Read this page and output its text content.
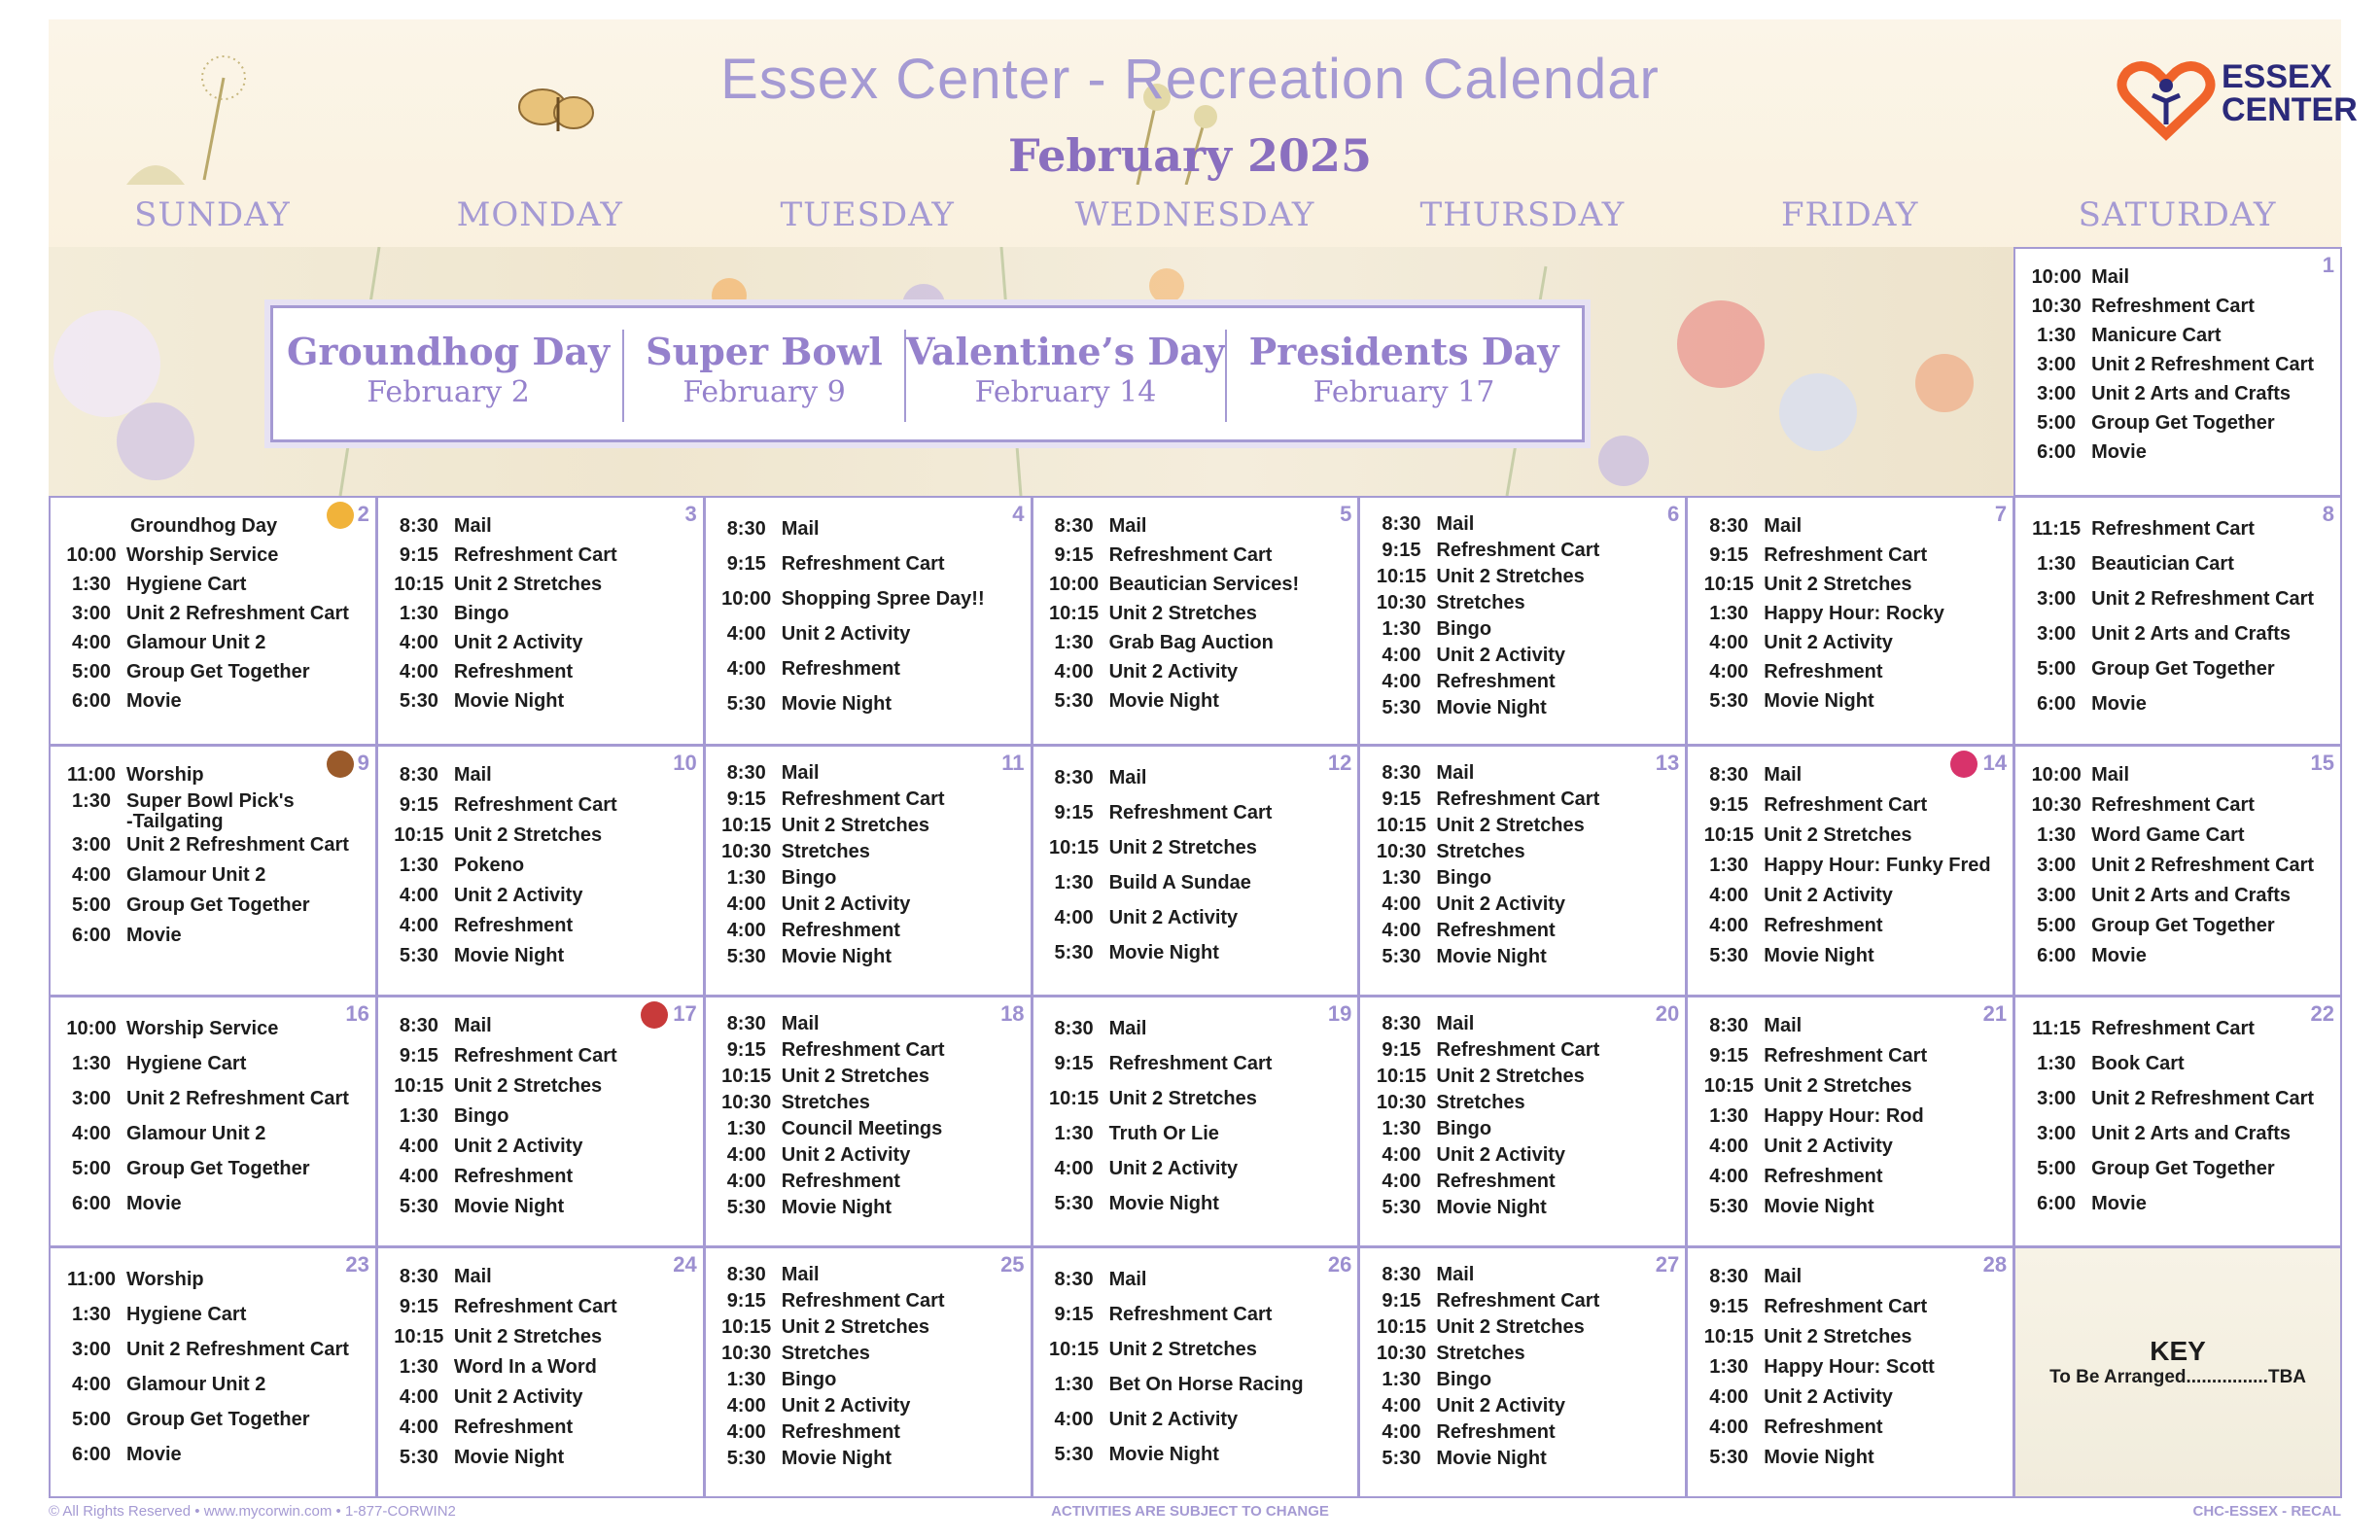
Essex Center - Recreation Calendar
February 2025
ESSEX
CENTER
SUNDAY	MONDAY	TUESDAY	WEDNESDAY	THURSDAY	FRIDAY	SATURDAY
Groundhog Day
February 2
Super Bowl
February 9
Valentine’s Day
February 14
Presidents Day
February 17
1
10:00 Mail
10:30 Refreshment Cart
1:30 Manicure Cart
3:00 Unit 2 Refreshment Cart
3:00 Unit 2 Arts and Crafts
5:00 Group Get Together
6:00 Movie
2
Groundhog Day
10:00 Worship Service
1:30 Hygiene Cart
3:00 Unit 2 Refreshment Cart
4:00 Glamour Unit 2
5:00 Group Get Together
6:00 Movie
3
8:30 Mail
9:15 Refreshment Cart
10:15 Unit 2 Stretches
1:30 Bingo
4:00 Unit 2 Activity
4:00 Refreshment
5:30 Movie Night
4
8:30 Mail
9:15 Refreshment Cart
10:00 Shopping Spree Day!!
4:00 Unit 2 Activity
4:00 Refreshment
5:30 Movie Night
5
8:30 Mail
9:15 Refreshment Cart
10:00 Beautician Services!
10:15 Unit 2 Stretches
1:30 Grab Bag Auction
4:00 Unit 2 Activity
5:30 Movie Night
6
8:30 Mail
9:15 Refreshment Cart
10:15 Unit 2 Stretches
10:30 Stretches
1:30 Bingo
4:00 Unit 2 Activity
4:00 Refreshment
5:30 Movie Night
7
8:30 Mail
9:15 Refreshment Cart
10:15 Unit 2 Stretches
1:30 Happy Hour: Rocky
4:00 Unit 2 Activity
4:00 Refreshment
5:30 Movie Night
8
11:15 Refreshment Cart
1:30 Beautician Cart
3:00 Unit 2 Refreshment Cart
3:00 Unit 2 Arts and Crafts
5:00 Group Get Together
6:00 Movie
9
11:00 Worship
1:30 Super Bowl Pick's
-Tailgating
3:00 Unit 2 Refreshment Cart
4:00 Glamour Unit 2
5:00 Group Get Together
6:00 Movie
10
8:30 Mail
9:15 Refreshment Cart
10:15 Unit 2 Stretches
1:30 Pokeno
4:00 Unit 2 Activity
4:00 Refreshment
5:30 Movie Night
11
8:30 Mail
9:15 Refreshment Cart
10:15 Unit 2 Stretches
10:30 Stretches
1:30 Bingo
4:00 Unit 2 Activity
4:00 Refreshment
5:30 Movie Night
12
8:30 Mail
9:15 Refreshment Cart
10:15 Unit 2 Stretches
1:30 Build A Sundae
4:00 Unit 2 Activity
5:30 Movie Night
13
8:30 Mail
9:15 Refreshment Cart
10:15 Unit 2 Stretches
10:30 Stretches
1:30 Bingo
4:00 Unit 2 Activity
4:00 Refreshment
5:30 Movie Night
14
8:30 Mail
9:15 Refreshment Cart
10:15 Unit 2 Stretches
1:30 Happy Hour: Funky Fred
4:00 Unit 2 Activity
4:00 Refreshment
5:30 Movie Night
15
10:00 Mail
10:30 Refreshment Cart
1:30 Word Game Cart
3:00 Unit 2 Refreshment Cart
3:00 Unit 2 Arts and Crafts
5:00 Group Get Together
6:00 Movie
16
10:00 Worship Service
1:30 Hygiene Cart
3:00 Unit 2 Refreshment Cart
4:00 Glamour Unit 2
5:00 Group Get Together
6:00 Movie
17
8:30 Mail
9:15 Refreshment Cart
10:15 Unit 2 Stretches
1:30 Bingo
4:00 Unit 2 Activity
4:00 Refreshment
5:30 Movie Night
18
8:30 Mail
9:15 Refreshment Cart
10:15 Unit 2 Stretches
10:30 Stretches
1:30 Council Meetings
4:00 Unit 2 Activity
4:00 Refreshment
5:30 Movie Night
19
8:30 Mail
9:15 Refreshment Cart
10:15 Unit 2 Stretches
1:30 Truth Or Lie
4:00 Unit 2 Activity
5:30 Movie Night
20
8:30 Mail
9:15 Refreshment Cart
10:15 Unit 2 Stretches
10:30 Stretches
1:30 Bingo
4:00 Unit 2 Activity
4:00 Refreshment
5:30 Movie Night
21
8:30 Mail
9:15 Refreshment Cart
10:15 Unit 2 Stretches
1:30 Happy Hour: Rod
4:00 Unit 2 Activity
4:00 Refreshment
5:30 Movie Night
22
11:15 Refreshment Cart
1:30 Book Cart
3:00 Unit 2 Refreshment Cart
3:00 Unit 2 Arts and Crafts
5:00 Group Get Together
6:00 Movie
23
11:00 Worship
1:30 Hygiene Cart
3:00 Unit 2 Refreshment Cart
4:00 Glamour Unit 2
5:00 Group Get Together
6:00 Movie
24
8:30 Mail
9:15 Refreshment Cart
10:15 Unit 2 Stretches
1:30 Word In a Word
4:00 Unit 2 Activity
4:00 Refreshment
5:30 Movie Night
25
8:30 Mail
9:15 Refreshment Cart
10:15 Unit 2 Stretches
10:30 Stretches
1:30 Bingo
4:00 Unit 2 Activity
4:00 Refreshment
5:30 Movie Night
26
8:30 Mail
9:15 Refreshment Cart
10:15 Unit 2 Stretches
1:30 Bet On Horse Racing
4:00 Unit 2 Activity
5:30 Movie Night
27
8:30 Mail
9:15 Refreshment Cart
10:15 Unit 2 Stretches
10:30 Stretches
1:30 Bingo
4:00 Unit 2 Activity
4:00 Refreshment
5:30 Movie Night
28
8:30 Mail
9:15 Refreshment Cart
10:15 Unit 2 Stretches
1:30 Happy Hour: Scott
4:00 Unit 2 Activity
4:00 Refreshment
5:30 Movie Night
KEY
To Be Arranged................TBA
© All Rights Reserved • www.mycorwin.com • 1-877-CORWIN2	ACTIVITIES ARE SUBJECT TO CHANGE	CHC-ESSEX - RECAL
